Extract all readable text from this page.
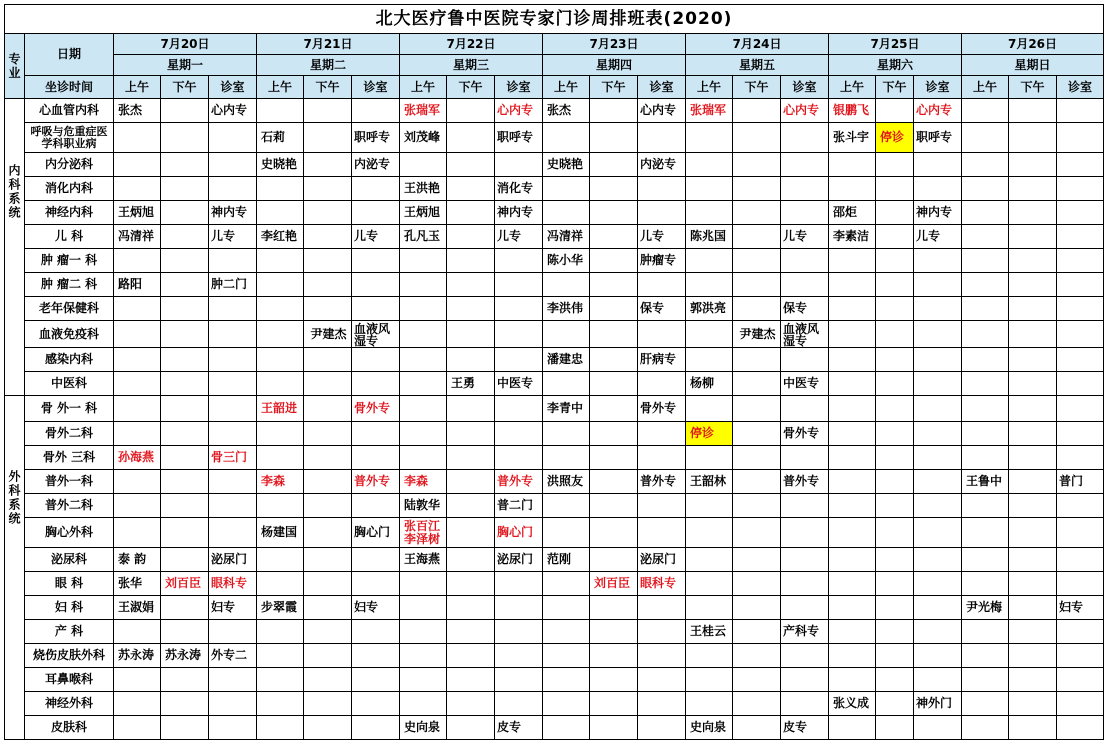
北大医疗鲁中医院专家门诊周排班表(2020)																						
专业	日期	7月20日			7月21日			7月22日			7月23日			7月24日			7月25日			7月26日		
		星期一			星期二			星期三			星期四			星期五			星期六			星期日		
	坐诊时间	上午	下午	诊室	上午	下午	诊室	上午	下午	诊室	上午	下午	诊室	上午	下午	诊室	上午	下午	诊室	上午	下午	诊室
内科系统	心血管内科	张杰		心内专				张瑞军		心内专	张杰		心内专	张瑞军		心内专	银鹏飞		心内专			
	呼吸与危重症医学科职业病				石莉		职呼专	刘茂峰		职呼专							张斗宇	停诊	职呼专			
	内分泌科				史晓艳		内泌专				史晓艳		内泌专									
	消化内科							王洪艳		消化专												
	神经内科	王炳旭		神内专				王炳旭		神内专							邵炬		神内专			
	儿 科	冯清祥		儿专	李红艳		儿专	孔凡玉		儿专	冯清祥		儿专	陈兆国		儿专	李素洁		儿专			
	肿 瘤一 科										陈小华		肿瘤专									
	肿 瘤二 科	路阳		肿二门																		
	老年保健科										李洪伟		保专	郭洪亮		保专						
	血液免疫科					尹建杰	血液风湿专								尹建杰	血液风湿专						
	感染内科										潘建忠		肝病专									
	中医科								王勇	中医专				杨柳		中医专						
外科系统	骨 外一 科				王韶进		骨外专				李青中		骨外专									
	骨外二科													停诊		骨外专						
	骨外 三科	孙海燕		骨三门																		
	普外一科				李森		普外专	李森		普外专	洪照友		普外专	王韶林		普外专				王鲁中		普门
	普外二科							陆敦华		普二门												
	胸心外科				杨建国		胸心门	张百江 李泽树		胸心门												
	泌尿科	泰 韵		泌尿门				王海燕		泌尿门	范刚		泌尿门									
	眼 科	张华	刘百臣	眼科专								刘百臣	眼科专									
	妇 科	王淑娟		妇专	步翠霞		妇专													尹光梅		妇专
	产 科													王桂云		产科专						
	烧伤皮肤外科	苏永涛	苏永涛	外专二																		
	耳鼻喉科																					
	神经外科																张义成		神外门			
	皮肤科							史向泉		皮专				史向泉		皮专						
